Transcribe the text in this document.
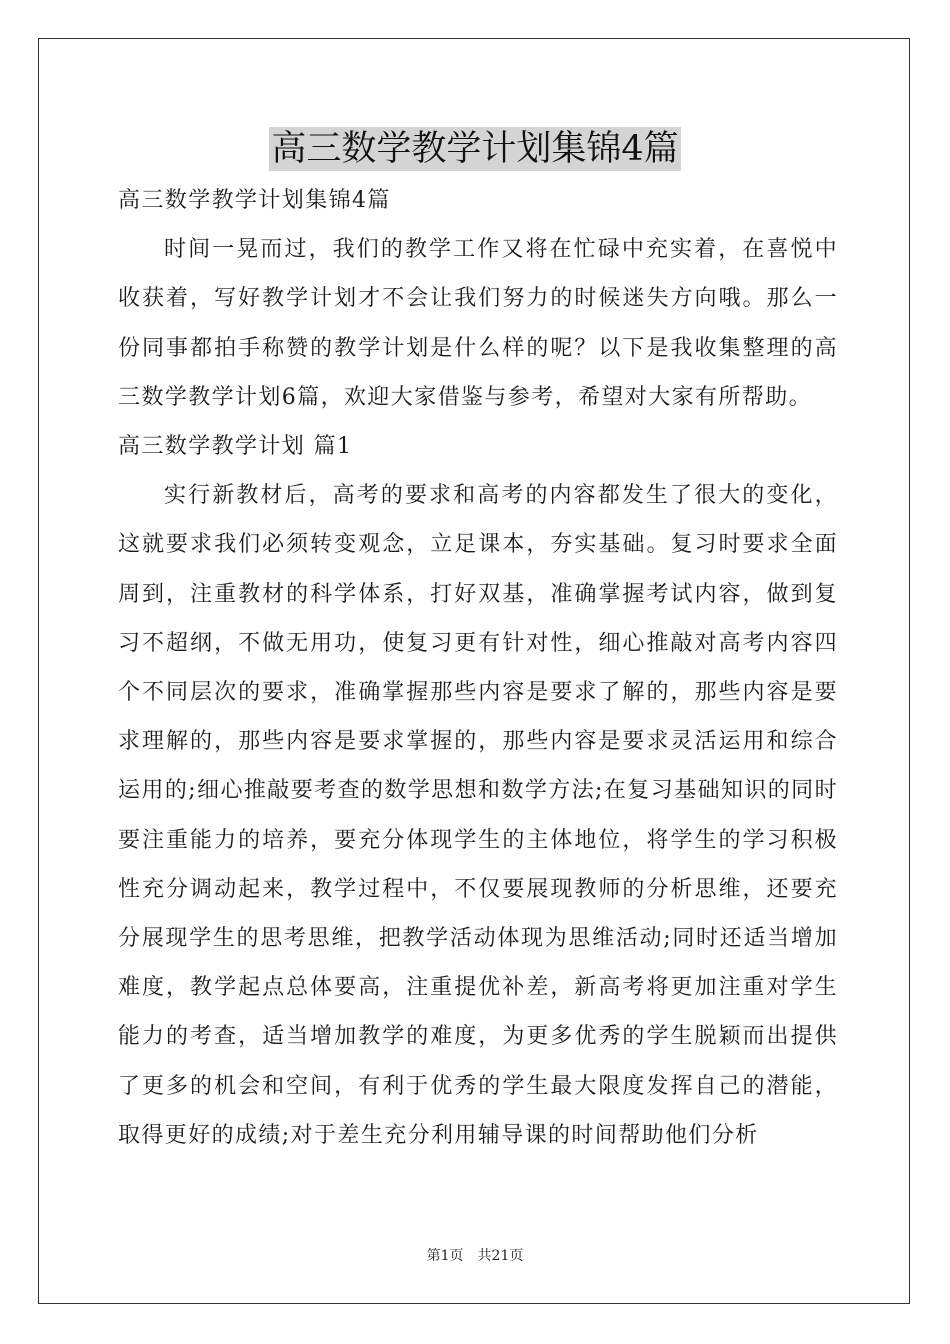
高三数学教学计划集锦4篇

高三数学教学计划集锦4篇

时间一晃而过，我们的教学工作又将在忙碌中充实着，在喜悦中收获着，写好教学计划才不会让我们努力的时候迷失方向哦。那么一份同事都拍手称赞的教学计划是什么样的呢？以下是我收集整理的高三数学教学计划6篇，欢迎大家借鉴与参考，希望对大家有所帮助。

高三数学教学计划 篇1

实行新教材后，高考的要求和高考的内容都发生了很大的变化，这就要求我们必须转变观念，立足课本，夯实基础。复习时要求全面周到，注重教材的科学体系，打好双基，准确掌握考试内容，做到复习不超纲，不做无用功，使复习更有针对性，细心推敲对高考内容四个不同层次的要求，准确掌握那些内容是要求了解的，那些内容是要求理解的，那些内容是要求掌握的，那些内容是要求灵活运用和综合运用的;细心推敲要考查的数学思想和数学方法;在复习基础知识的同时要注重能力的培养，要充分体现学生的主体地位，将学生的学习积极性充分调动起来，教学过程中，不仅要展现教师的分析思维，还要充分展现学生的思考思维，把教学活动体现为思维活动;同时还适当增加难度，教学起点总体要高，注重提优补差，新高考将更加注重对学生能力的考查，适当增加教学的难度，为更多优秀的学生脱颖而出提供了更多的机会和空间，有利于优秀的学生最大限度发挥自己的潜能，取得更好的成绩;对于差生充分利用辅导课的时间帮助他们分析

第1页　共21页
